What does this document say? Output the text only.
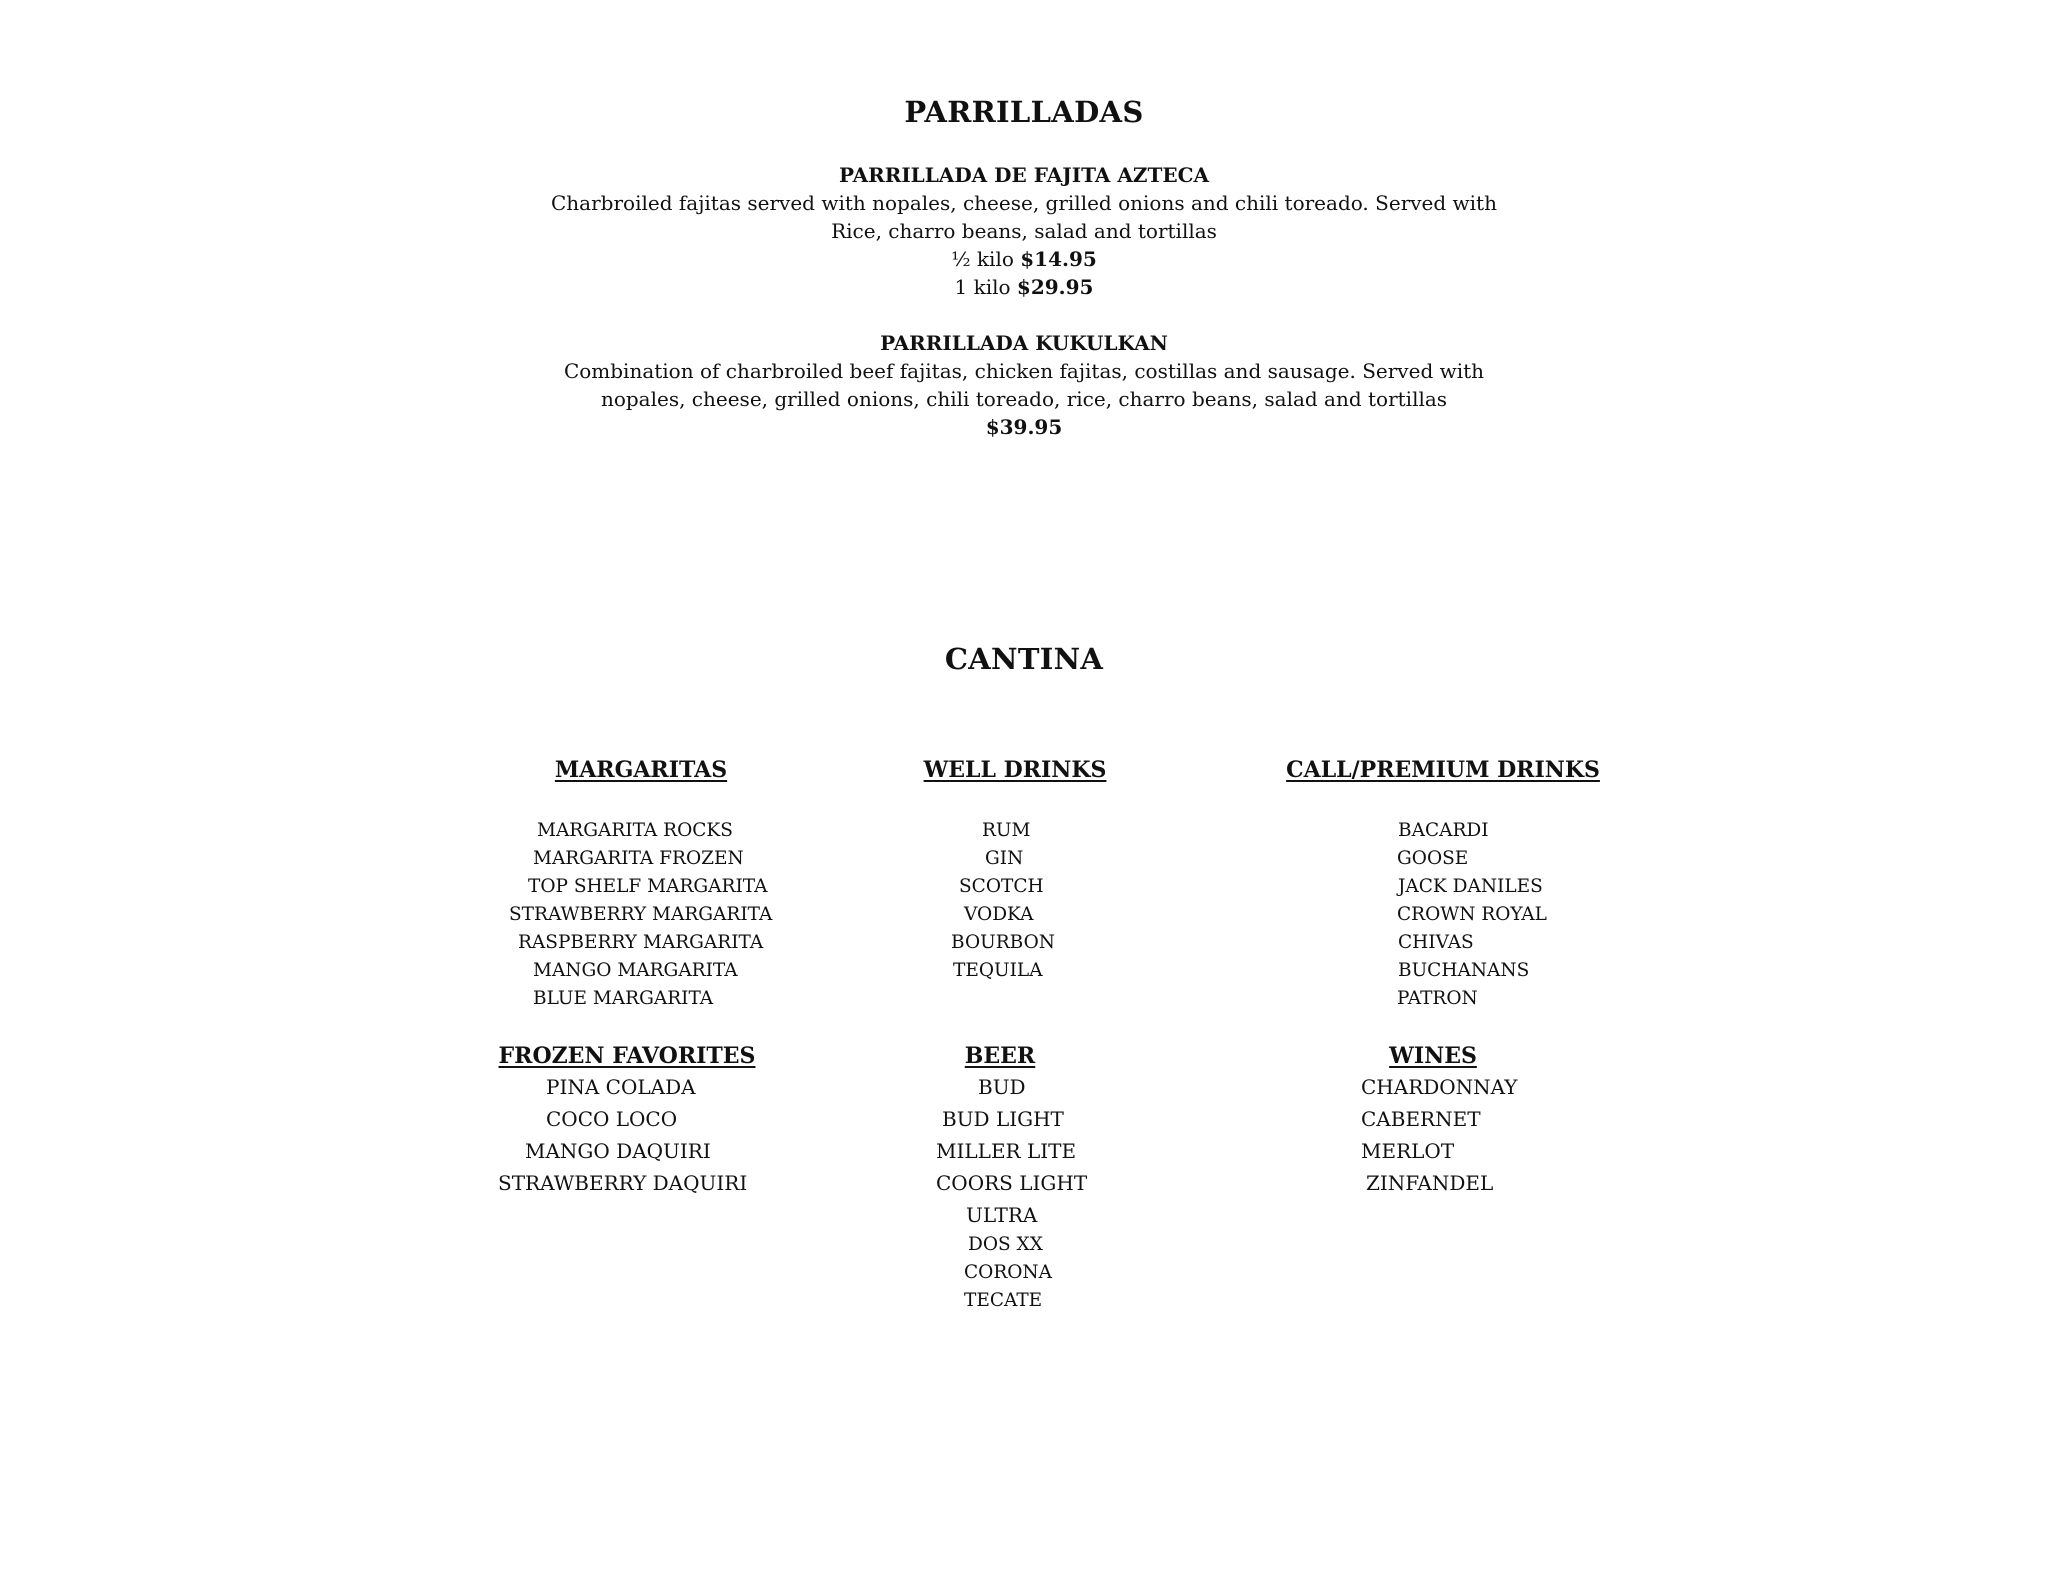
PARRILLADAS
PARRILLADA DE FAJITA AZTECA
Charbroiled fajitas served with nopales, cheese, grilled onions and chili toreado. Served with
Rice, charro beans, salad and tortillas
½ kilo $14.95
1 kilo $29.95
PARRILLADA KUKULKAN
Combination of charbroiled beef fajitas, chicken fajitas, costillas and sausage. Served with
nopales, cheese, grilled onions, chili toreado, rice, charro beans, salad and tortillas
$39.95
CANTINA
MARGARITAS	WELL DRINKS	CALL/PREMIUM DRINKS
MARGARITA ROCKS
MARGARITA FROZEN
TOP SHELF MARGARITA
STRAWBERRY MARGARITA
RASPBERRY MARGARITA
MANGO MARGARITA
BLUE MARGARITA
RUM
GIN
SCOTCH
VODKA
BOURBON
TEQUILA
BACARDI
GOOSE
JACK DANILES
CROWN ROYAL
CHIVAS
BUCHANANS
PATRON
FROZEN FAVORITES	BEER	WINES
PINA COLADA
COCO LOCO
MANGO DAQUIRI
STRAWBERRY DAQUIRI
BUD
BUD LIGHT
MILLER LITE
COORS LIGHT
ULTRA
DOS XX
CORONA
TECATE
CHARDONNAY
CABERNET
MERLOT
ZINFANDEL
